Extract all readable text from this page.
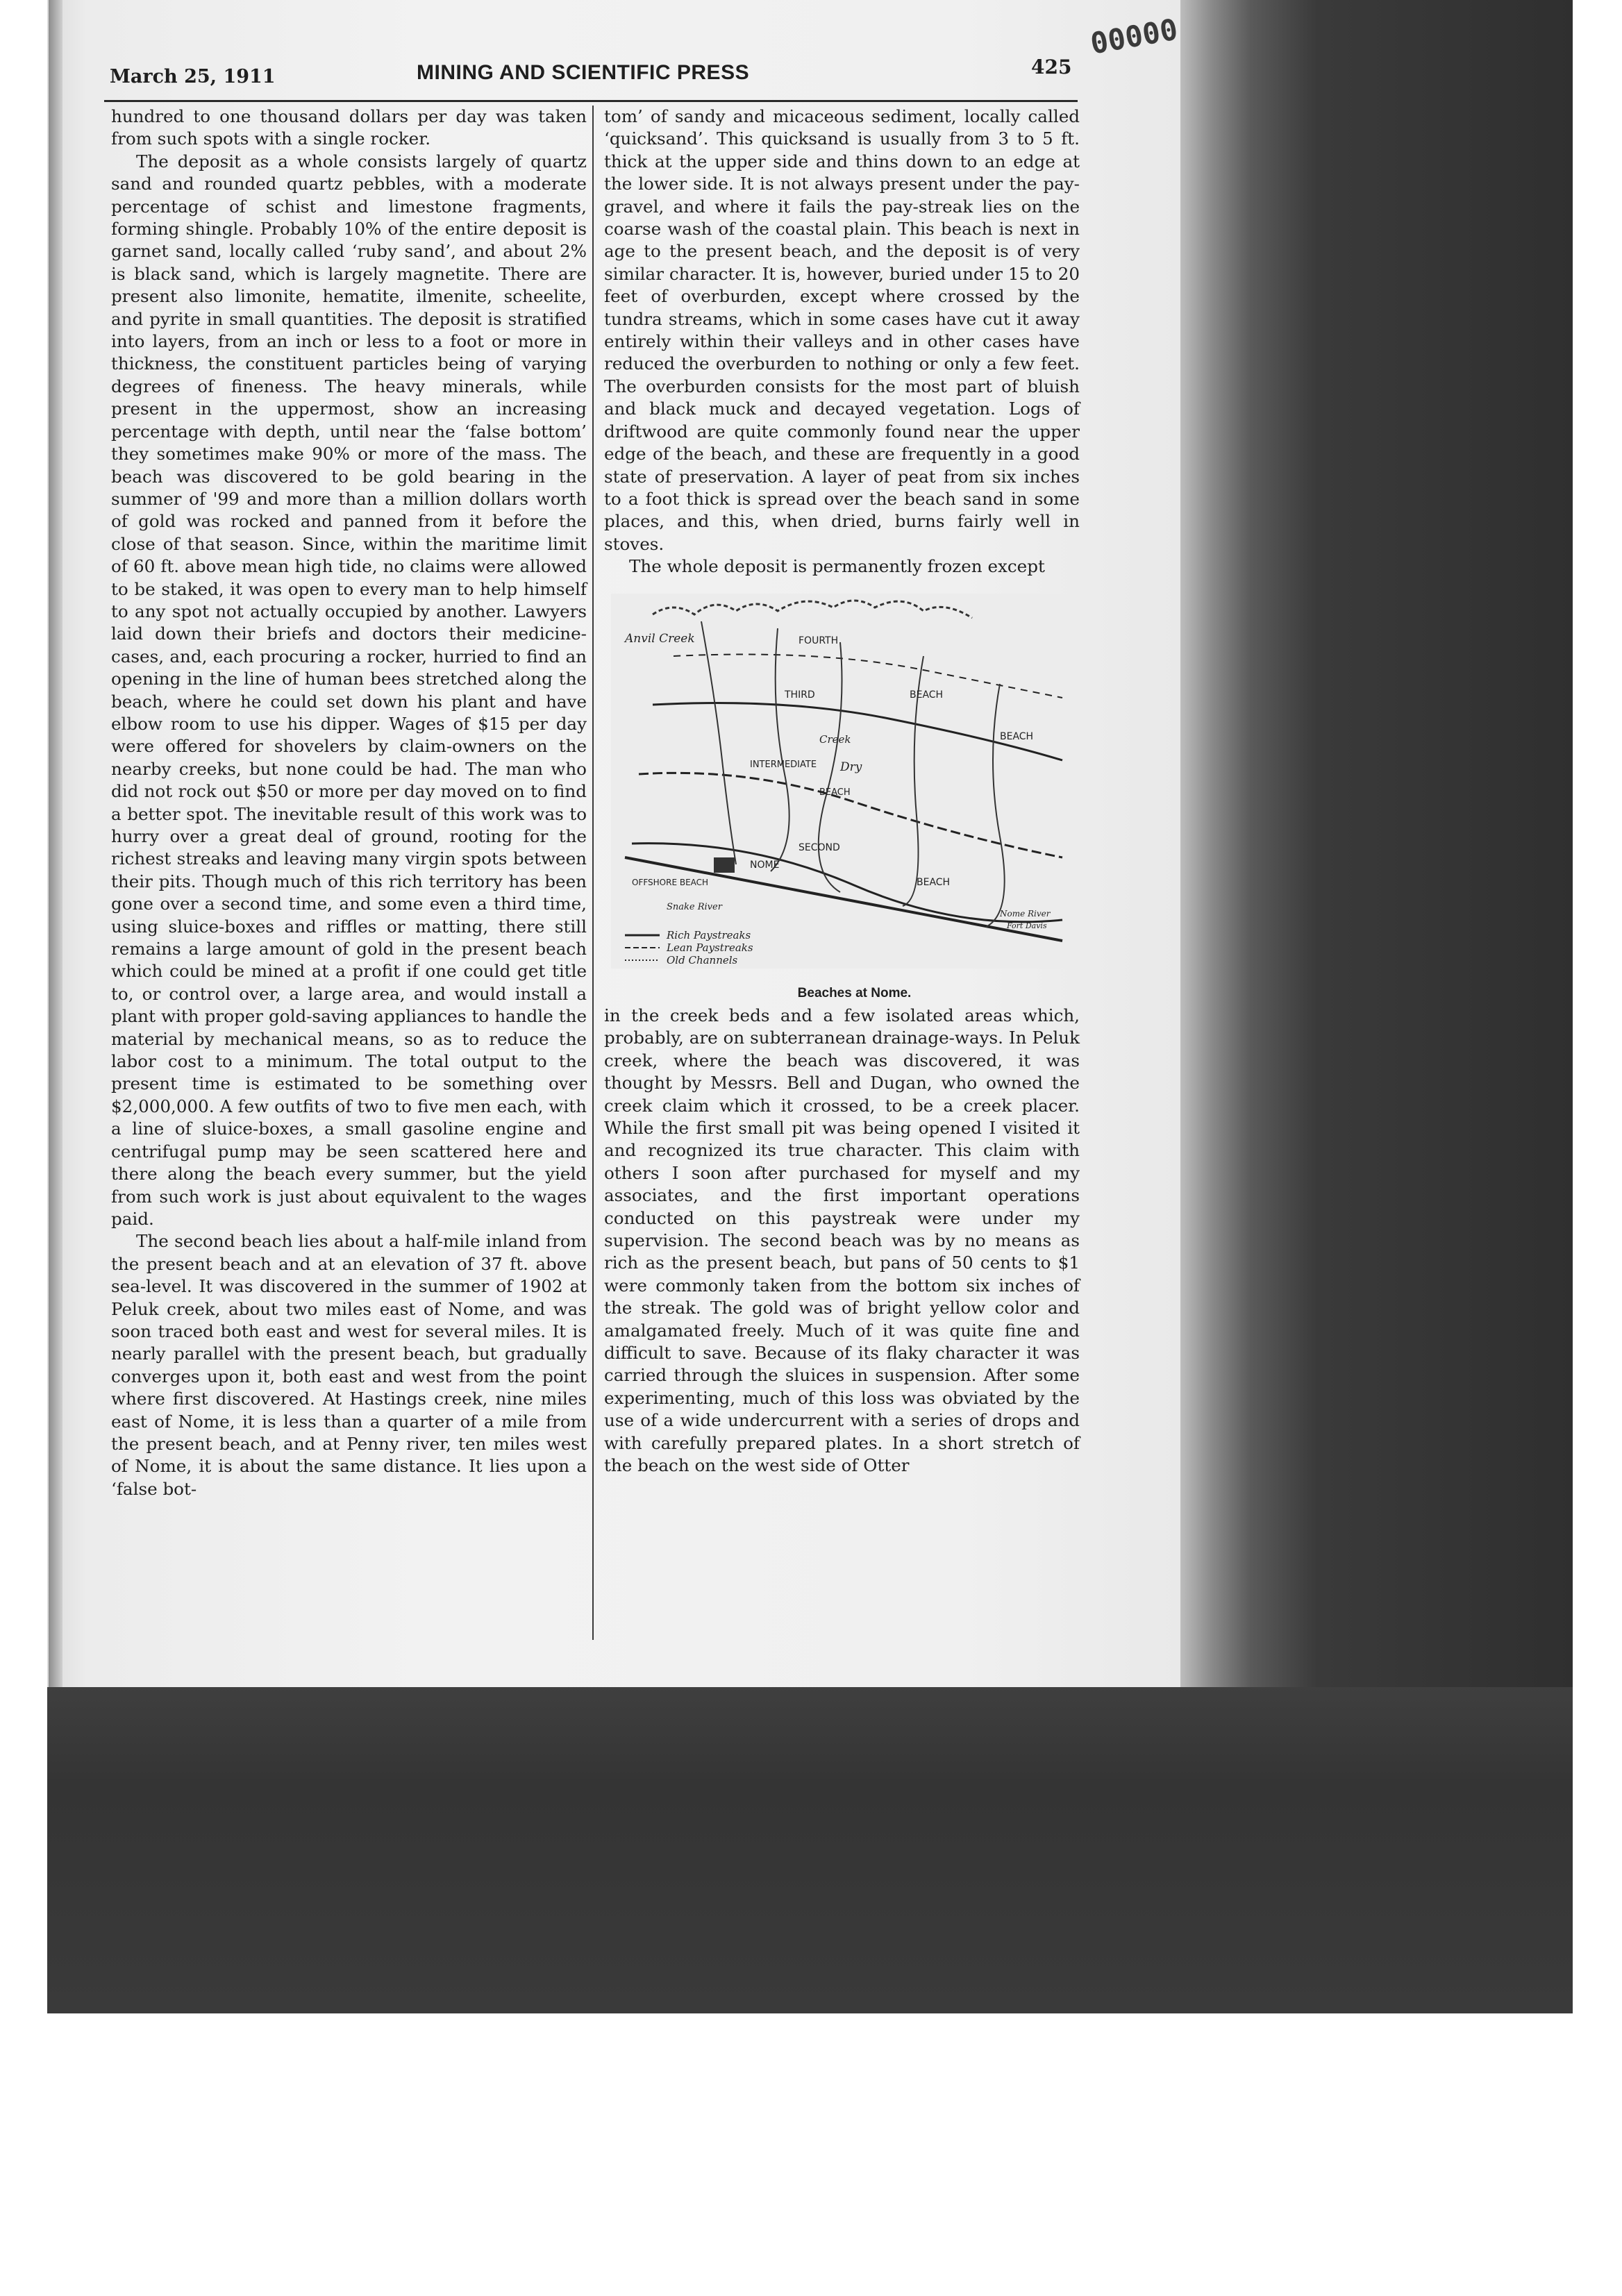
00000
March 25, 1911	MINING AND SCIENTIFIC PRESS	425

hundred to one thousand dollars per day was taken from such spots with a single rocker.

The deposit as a whole consists largely of quartz sand and rounded quartz pebbles, with a moderate percentage of schist and limestone fragments, forming shingle. Probably 10% of the entire deposit is garnet sand, locally called ‘ruby sand’, and about 2% is black sand, which is largely magnetite. There are present also limonite, hematite, ilmenite, scheelite, and pyrite in small quantities. The deposit is stratified into layers, from an inch or less to a foot or more in thickness, the constituent particles being of varying degrees of fineness. The heavy minerals, while present in the uppermost, show an increasing percentage with depth, until near the ‘false bottom’ they sometimes make 90% or more of the mass. The beach was discovered to be gold bearing in the summer of '99 and more than a million dollars worth of gold was rocked and panned from it before the close of that season. Since, within the maritime limit of 60 ft. above mean high tide, no claims were allowed to be staked, it was open to every man to help himself to any spot not actually occupied by another. Lawyers laid down their briefs and doctors their medicine-cases, and, each procuring a rocker, hurried to find an opening in the line of human bees stretched along the beach, where he could set down his plant and have elbow room to use his dipper. Wages of $15 per day were offered for shovelers by claim-owners on the nearby creeks, but none could be had. The man who did not rock out $50 or more per day moved on to find a better spot. The inevitable result of this work was to hurry over a great deal of ground, rooting for the richest streaks and leaving many virgin spots between their pits. Though much of this rich territory has been gone over a second time, and some even a third time, using sluice-boxes and riffles or matting, there still remains a large amount of gold in the present beach which could be mined at a profit if one could get title to, or control over, a large area, and would install a plant with proper gold-saving appliances to handle the material by mechanical means, so as to reduce the labor cost to a minimum. The total output to the present time is estimated to be something over $2,000,000. A few outfits of two to five men each, with a line of sluice-boxes, a small gasoline engine and centrifugal pump may be seen scattered here and there along the beach every summer, but the yield from such work is just about equivalent to the wages paid.

The second beach lies about a half-mile inland from the present beach and at an elevation of 37 ft. above sea-level. It was discovered in the summer of 1902 at Peluk creek, about two miles east of Nome, and was soon traced both east and west for several miles. It is nearly parallel with the present beach, but gradually converges upon it, both east and west from the point where first discovered. At Hastings creek, nine miles east of Nome, it is less than a quarter of a mile from the present beach, and at Penny river, ten miles west of Nome, it is about the same distance. It lies upon a ‘false bot-

tom’ of sandy and micaceous sediment, locally called ‘quicksand’. This quicksand is usually from 3 to 5 ft. thick at the upper side and thins down to an edge at the lower side. It is not always present under the pay-gravel, and where it fails the pay-streak lies on the coarse wash of the coastal plain. This beach is next in age to the present beach, and the deposit is of very similar character. It is, however, buried under 15 to 20 feet of overburden, except where crossed by the tundra streams, which in some cases have cut it away entirely within their valleys and in other cases have reduced the overburden to nothing or only a few feet. The overburden consists for the most part of bluish and black muck and decayed vegetation. Logs of driftwood are quite commonly found near the upper edge of the beach, and these are frequently in a good state of preservation. A layer of peat from six inches to a foot thick is spread over the beach sand in some places, and this, when dried, burns fairly well in stoves.

The whole deposit is permanently frozen except

Anvil Creek	FOURTH
THIRD	BEACH
BEACH
INTERMEDIATE
BEACH
Dry
Creek
SECOND
BEACH
NOME
OFFSHORE BEACH
Nome River
Fort Davis
Snake River
Rich Paystreaks
Lean Paystreaks
Old Channels

Beaches at Nome.

in the creek beds and a few isolated areas which, probably, are on subterranean drainage-ways. In Peluk creek, where the beach was discovered, it was thought by Messrs. Bell and Dugan, who owned the creek claim which it crossed, to be a creek placer. While the first small pit was being opened I visited it and recognized its true character. This claim with others I soon after purchased for myself and my associates, and the first important operations conducted on this paystreak were under my supervision. The second beach was by no means as rich as the present beach, but pans of 50 cents to $1 were commonly taken from the bottom six inches of the streak. The gold was of bright yellow color and amalgamated freely. Much of it was quite fine and difficult to save. Because of its flaky character it was carried through the sluices in suspension. After some experimenting, much of this loss was obviated by the use of a wide undercurrent with a series of drops and with carefully prepared plates. In a short stretch of the beach on the west side of Otter
